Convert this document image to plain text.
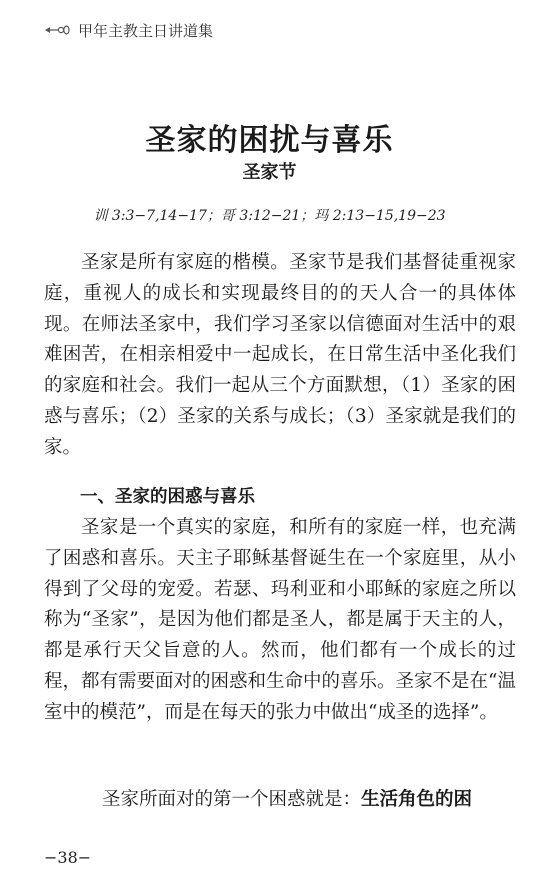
甲年主教主日讲道集
圣家的困扰与喜乐
圣家节
训 3:3−7,14−17；哥 3:12−21；玛 2:13−15,19−23

圣家是所有家庭的楷模。圣家节是我们基督徒重视家庭，重视人的成长和实现最终目的的天人合一的具体体现。在师法圣家中，我们学习圣家以信德面对生活中的艰难困苦，在相亲相爱中一起成长，在日常生活中圣化我们的家庭和社会。我们一起从三个方面默想，（1）圣家的困惑与喜乐；（2）圣家的关系与成长；（3）圣家就是我们的家。

一、圣家的困惑与喜乐

圣家是一个真实的家庭，和所有的家庭一样，也充满了困惑和喜乐。天主子耶稣基督诞生在一个家庭里，从小得到了父母的宠爱。若瑟、玛利亚和小耶稣的家庭之所以称为“圣家”，是因为他们都是圣人，都是属于天主的人，都是承行天父旨意的人。然而，他们都有一个成长的过程，都有需要面对的困惑和生命中的喜乐。圣家不是在“温室中的模范”，而是在每天的张力中做出“成圣的选择”。

圣家所面对的第一个困惑就是：生活角色的困

−38−
